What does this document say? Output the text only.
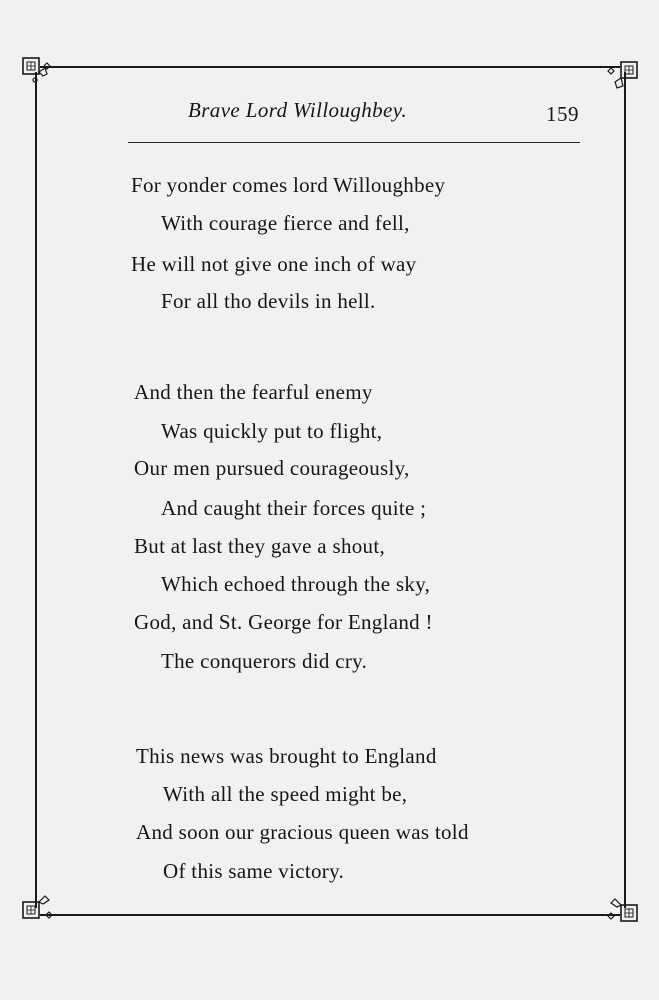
Brave Lord Willoughbey.	159
For yonder comes lord Willoughbey
With courage fierce and fell,
He will not give one inch of way
For all tho devils in hell.
And then the fearful enemy
Was quickly put to flight,
Our men pursued courageously,
And caught their forces quite ;
But at last they gave a shout,
Which echoed through the sky,
God, and St. George for England !
The conquerors did cry.
This news was brought to England
With all the speed might be,
And soon our gracious queen was told
Of this same victory.
